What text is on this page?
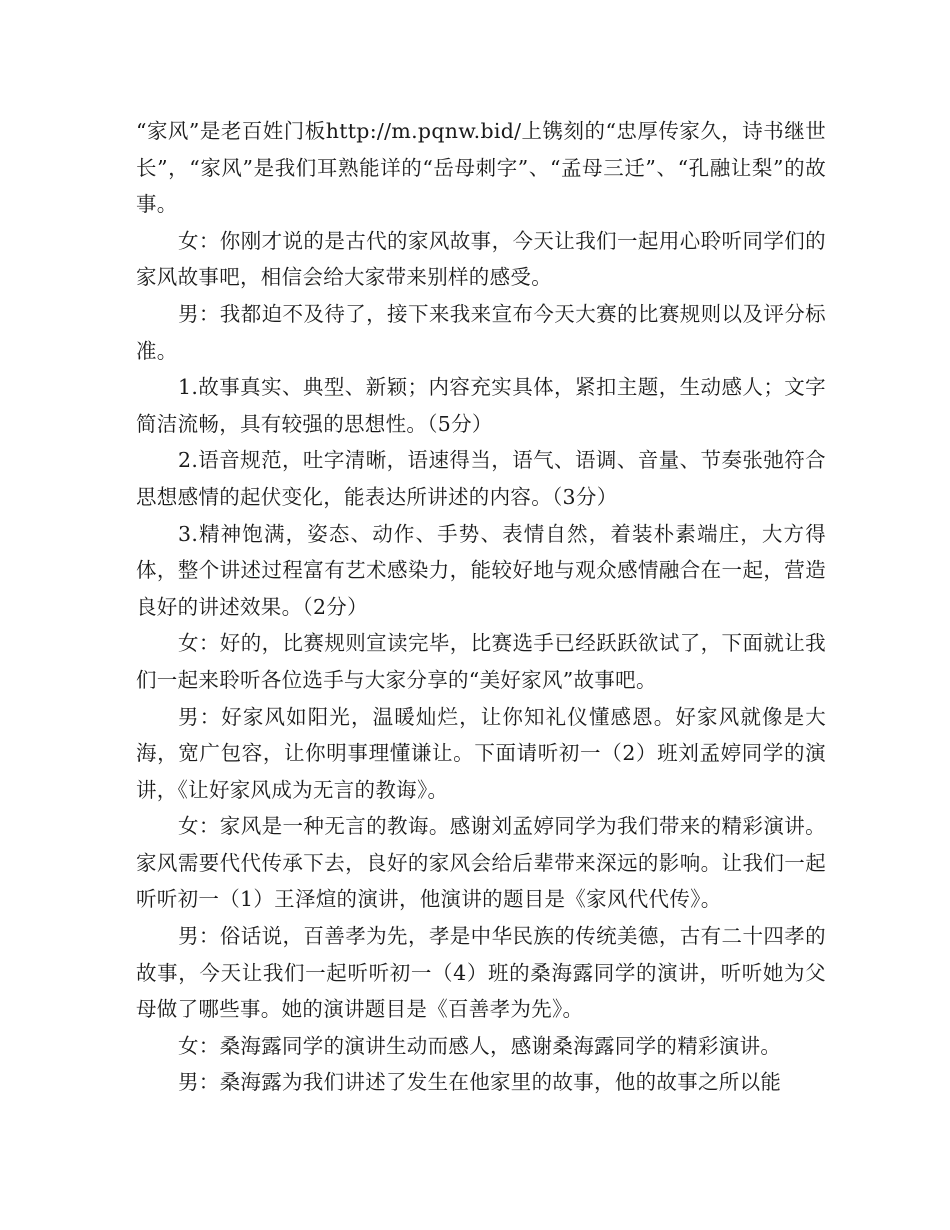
“家风”是老百姓门板http://m.pqnw.bid/上镌刻的“忠厚传家久，诗书继世长”，“家风”是我们耳熟能详的“岳母刺字”、“孟母三迁”、“孔融让梨”的故事。

女：你刚才说的是古代的家风故事，今天让我们一起用心聆听同学们的家风故事吧，相信会给大家带来别样的感受。

男：我都迫不及待了，接下来我来宣布今天大赛的比赛规则以及评分标准。

1.故事真实、典型、新颖；内容充实具体，紧扣主题，生动感人；文字简洁流畅，具有较强的思想性。（5分）

2.语音规范，吐字清晰，语速得当，语气、语调、音量、节奏张弛符合思想感情的起伏变化，能表达所讲述的内容。（3分）

3.精神饱满，姿态、动作、手势、表情自然，着装朴素端庄，大方得体，整个讲述过程富有艺术感染力，能较好地与观众感情融合在一起，营造良好的讲述效果。（2分）

女：好的，比赛规则宣读完毕，比赛选手已经跃跃欲试了，下面就让我们一起来聆听各位选手与大家分享的“美好家风”故事吧。

男：好家风如阳光，温暖灿烂，让你知礼仪懂感恩。好家风就像是大海，宽广包容，让你明事理懂谦让。下面请听初一（2）班刘孟婷同学的演讲，《让好家风成为无言的教诲》。

女：家风是一种无言的教诲。感谢刘孟婷同学为我们带来的精彩演讲。家风需要代代传承下去，良好的家风会给后辈带来深远的影响。让我们一起听听初一（1）王泽煊的演讲，他演讲的题目是《家风代代传》。

男：俗话说，百善孝为先，孝是中华民族的传统美德，古有二十四孝的故事，今天让我们一起听听初一（4）班的桑海露同学的演讲，听听她为父母做了哪些事。她的演讲题目是《百善孝为先》。

女：桑海露同学的演讲生动而感人，感谢桑海露同学的精彩演讲。

男：桑海露为我们讲述了发生在他家里的故事，他的故事之所以能
